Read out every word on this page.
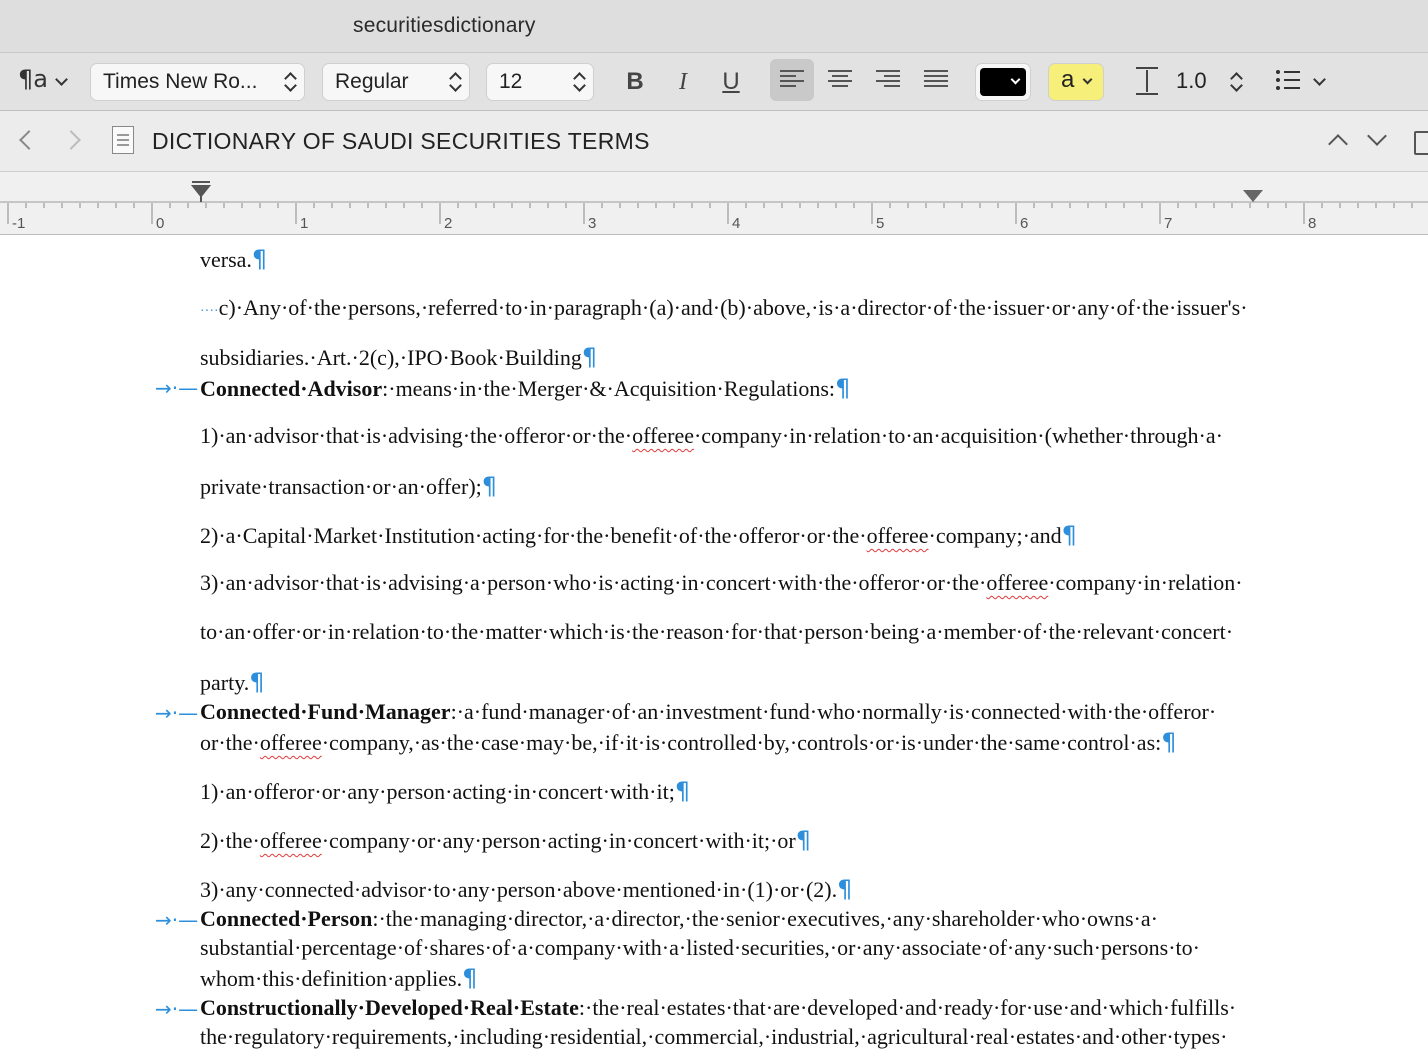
securitiesdictionary
¶a	Times New Ro...	Regular	12	B	I	U	a	1.0
DICTIONARY OF SAUDI SECURITIES TERMS
-1	0	1	2	3	4	5	6	7	8
versa.¶
····c)·Any·of·the·persons,·referred·to·in·paragraph·(a)·and·(b)·above,·is·a·director·of·the·issuer·or·any·of·the·issuer's·
subsidiaries.·Art.·2(c),·IPO·Book·Building¶
→·— Connected·Advisor:·means·in·the·Merger·&·Acquisition·Regulations:¶
1)·an·advisor·that·is·advising·the·offeror·or·the·offeree·company·in·relation·to·an·acquisition·(whether·through·a·
private·transaction·or·an·offer);¶
2)·a·Capital·Market·Institution·acting·for·the·benefit·of·the·offeror·or·the·offeree·company;·and¶
3)·an·advisor·that·is·advising·a·person·who·is·acting·in·concert·with·the·offeror·or·the·offeree·company·in·relation·
to·an·offer·or·in·relation·to·the·matter·which·is·the·reason·for·that·person·being·a·member·of·the·relevant·concert·
party.¶
→·— Connected·Fund·Manager:·a·fund·manager·of·an·investment·fund·who·normally·is·connected·with·the·offeror·
or·the·offeree·company,·as·the·case·may·be,·if·it·is·controlled·by,·controls·or·is·under·the·same·control·as:¶
1)·an·offeror·or·any·person·acting·in·concert·with·it;¶
2)·the·offeree·company·or·any·person·acting·in·concert·with·it;·or¶
3)·any·connected·advisor·to·any·person·above·mentioned·in·(1)·or·(2).¶
→·— Connected·Person:·the·managing·director,·a·director,·the·senior·executives,·any·shareholder·who·owns·a·
substantial·percentage·of·shares·of·a·company·with·a·listed·securities,·or·any·associate·of·any·such·persons·to·
whom·this·definition·applies.¶
→·— Constructionally·Developed·Real·Estate:·the·real·estates·that·are·developed·and·ready·for·use·and·which·fulfills·
the·regulatory·requirements,·including·residential,·commercial,·industrial,·agricultural·real·estates·and·other·types·
